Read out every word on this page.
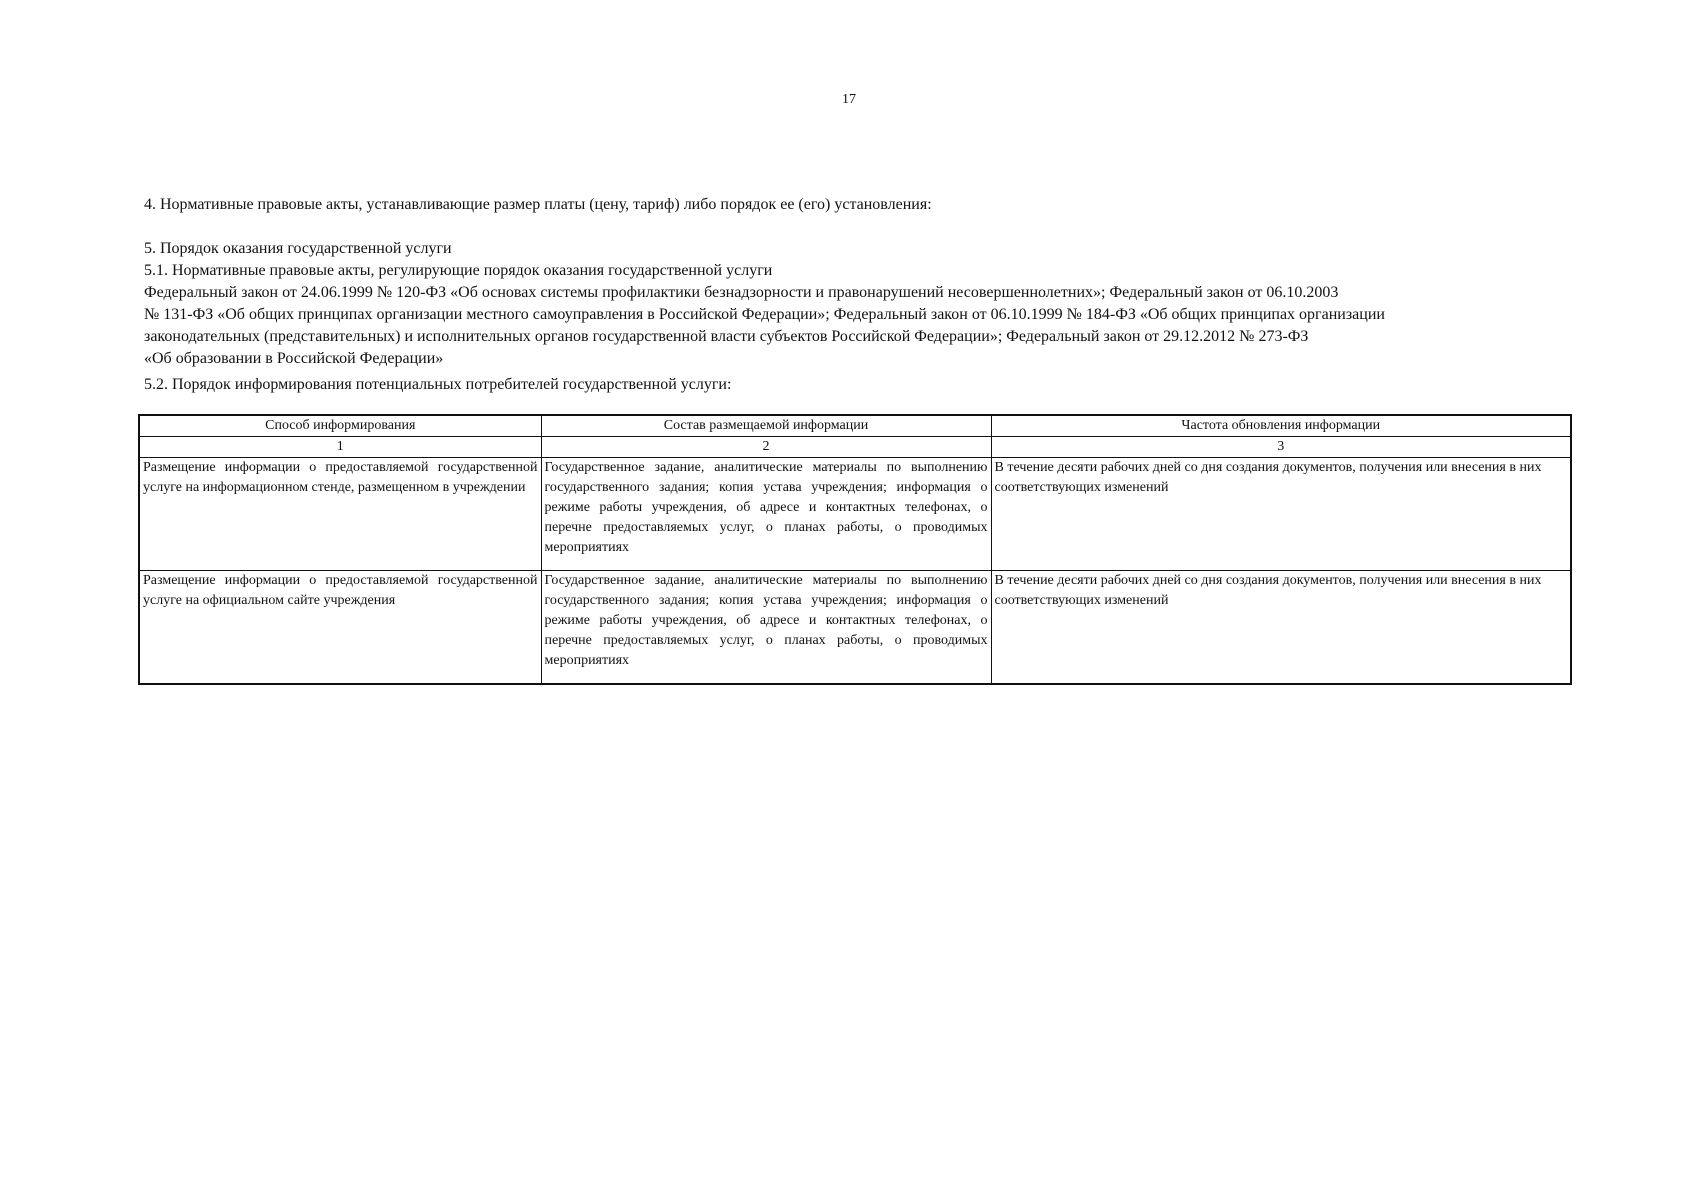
17
4. Нормативные правовые акты, устанавливающие размер платы (цену, тариф) либо порядок ее (его) установления:
5. Порядок оказания государственной услуги
5.1. Нормативные правовые акты, регулирующие порядок оказания государственной услуги
Федеральный закон от 24.06.1999 № 120-ФЗ «Об основах системы профилактики безнадзорности и правонарушений несовершеннолетних»; Федеральный закон от 06.10.2003
№ 131-ФЗ «Об общих принципах организации местного самоуправления в Российской Федерации»; Федеральный закон от 06.10.1999 № 184-ФЗ «Об общих принципах организации
законодательных (представительных) и исполнительных органов государственной власти субъектов Российской Федерации»; Федеральный закон от 29.12.2012 № 273-ФЗ
«Об образовании в Российской Федерации»
5.2. Порядок информирования потенциальных потребителей государственной услуги:
Способ информирования	Состав размещаемой информации	Частота обновления информации
1	2	3
Размещение информации о предоставляемой государственной услуге на информационном стенде, размещенном в учреждении	Государственное задание, аналитические материалы по выполнению государственного задания; копия устава учреждения; информация о режиме работы учреждения, об адресе и контактных телефонах, о перечне предоставляемых услуг, о планах работы, о проводимых мероприятиях	В течение десяти рабочих дней со дня создания документов, получения или внесения в них соответствующих изменений
Размещение информации о предоставляемой государственной услуге на официальном сайте учреждения	Государственное задание, аналитические материалы по выполнению государственного задания; копия устава учреждения; информация о режиме работы учреждения, об адресе и контактных телефонах, о перечне предоставляемых услуг, о планах работы, о проводимых мероприятиях	В течение десяти рабочих дней со дня создания документов, получения или внесения в них соответствующих изменений
